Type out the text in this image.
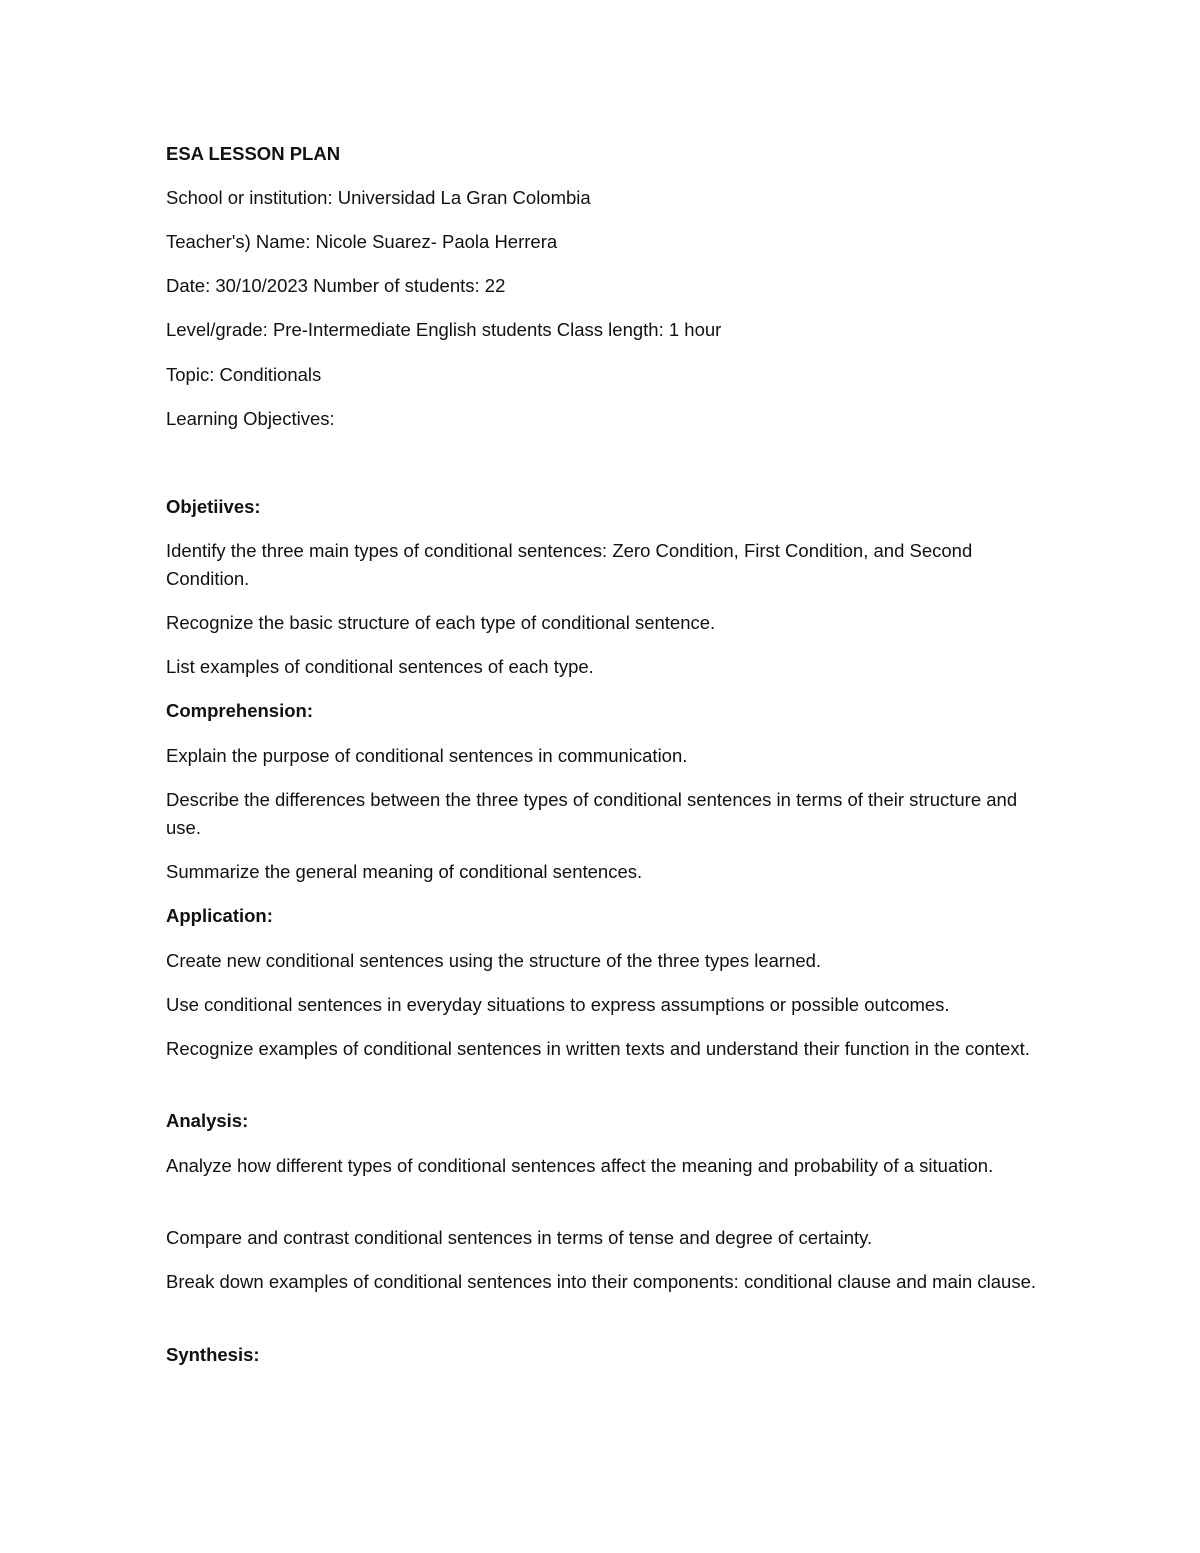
ESA LESSON PLAN
School or institution: Universidad La Gran Colombia
Teacher's) Name: Nicole Suarez- Paola Herrera
Date: 30/10/2023 Number of students: 22
Level/grade: Pre-Intermediate English students Class length: 1 hour
Topic: Conditionals
Learning Objectives:
Objetiives:
Identify the three main types of conditional sentences: Zero Condition, First Condition, and Second Condition.
Recognize the basic structure of each type of conditional sentence.
List examples of conditional sentences of each type.
Comprehension:
Explain the purpose of conditional sentences in communication.
Describe the differences between the three types of conditional sentences in terms of their structure and use.
Summarize the general meaning of conditional sentences.
Application:
Create new conditional sentences using the structure of the three types learned.
Use conditional sentences in everyday situations to express assumptions or possible outcomes.
Recognize examples of conditional sentences in written texts and understand their function in the context.
Analysis:
Analyze how different types of conditional sentences affect the meaning and probability of a situation.
Compare and contrast conditional sentences in terms of tense and degree of certainty.
Break down examples of conditional sentences into their components: conditional clause and main clause.
Synthesis:
